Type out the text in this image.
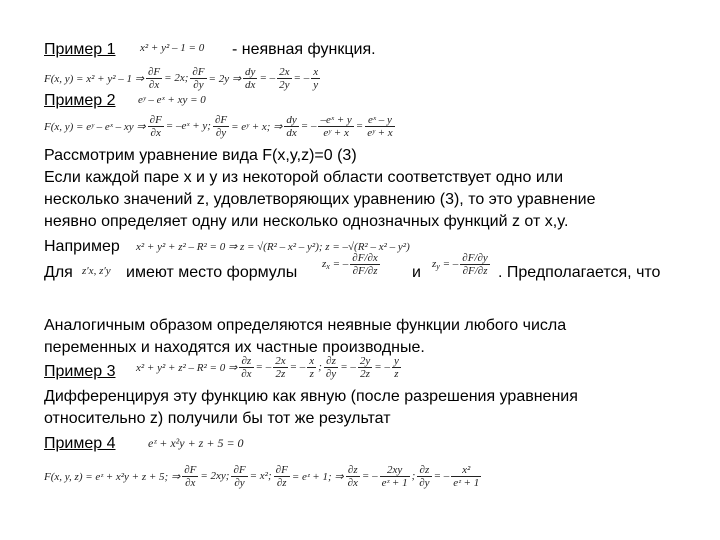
Пример 1 x² + y² – 1 = 0 - неявная функция.
F(x, y) = x² + y² – 1 ⇒ $\frac{\partial F}{\partial x} = 2x$; $\frac{\partial F}{\partial y} = 2y$ ⇒ $\frac{dy}{dx}$ = – $\frac{2x}{2y}$ = – $\frac{x}{y}$
Пример 2 eʸ – eˣ + xy = 0
F(x, y) = eʸ – eˣ – xy ⇒ $\frac{\partial F}{\partial x}$ = –eˣ + y; $\frac{\partial F}{\partial y}$ = eʸ + x; ⇒ $\frac{dy}{dx}$ = – $\frac{\text{–eˣ + y}}{\text{eʸ + x}} = \frac{\text{eˣ – y}}{\text{eʸ + x}}$
Рассмотрим уравнение вида F(x,y,z)=0 (3)
Если каждой паре x и y из некоторой области соответствует одно или
несколько значений z, удовлетворяющих уравнению (3), то это уравнение
неявно определяет одну или несколько однозначных функций z от x,y.
Например x² + y² + z² – R² = 0 ⇒ z = √(R² – x² – y²); z = –√(R² – x² – y²)
Для z′x, z′y имеют место формулы $z_x$ = – $\frac{\partial F/\partial x}{\partial F/\partial z}$ и $z_y$ = – $\frac{\partial F/\partial y}{\partial F/\partial z}$ . Предполагается, что
Аналогичным образом определяются неявные функции любого числа
переменных и находятся их частные производные.
Пример 3 x² + y² + z² – R² = 0 ⇒ $\frac{\partial z}{\partial x}$ = – $\frac{2x}{2z}$ = – $\frac{x}{z}$ ; $\frac{\partial z}{\partial y}$ = – $\frac{2y}{2z}$ = – $\frac{y}{z}$
Дифференцируя эту функцию как явную (после разрешения уравнения
относительно z) получили бы тот же результат
Пример 4	eᶻ + x²y + z + 5 = 0
F(x, y, z) = eᶻ + x²y + z + 5; ⇒ $\frac{\partial F}{\partial x} = 2xy$; $\frac{\partial F}{\partial y} = x^2$; $\frac{\partial F}{\partial z}$ = eᶻ + 1; ⇒ $\frac{\partial z}{\partial x}$ = – $\frac{2xy}{\text{eᶻ + 1}}$ ; $\frac{\partial z}{\partial y}$ = – $\frac{\text{x²}}{\text{eᶻ + 1}}$
